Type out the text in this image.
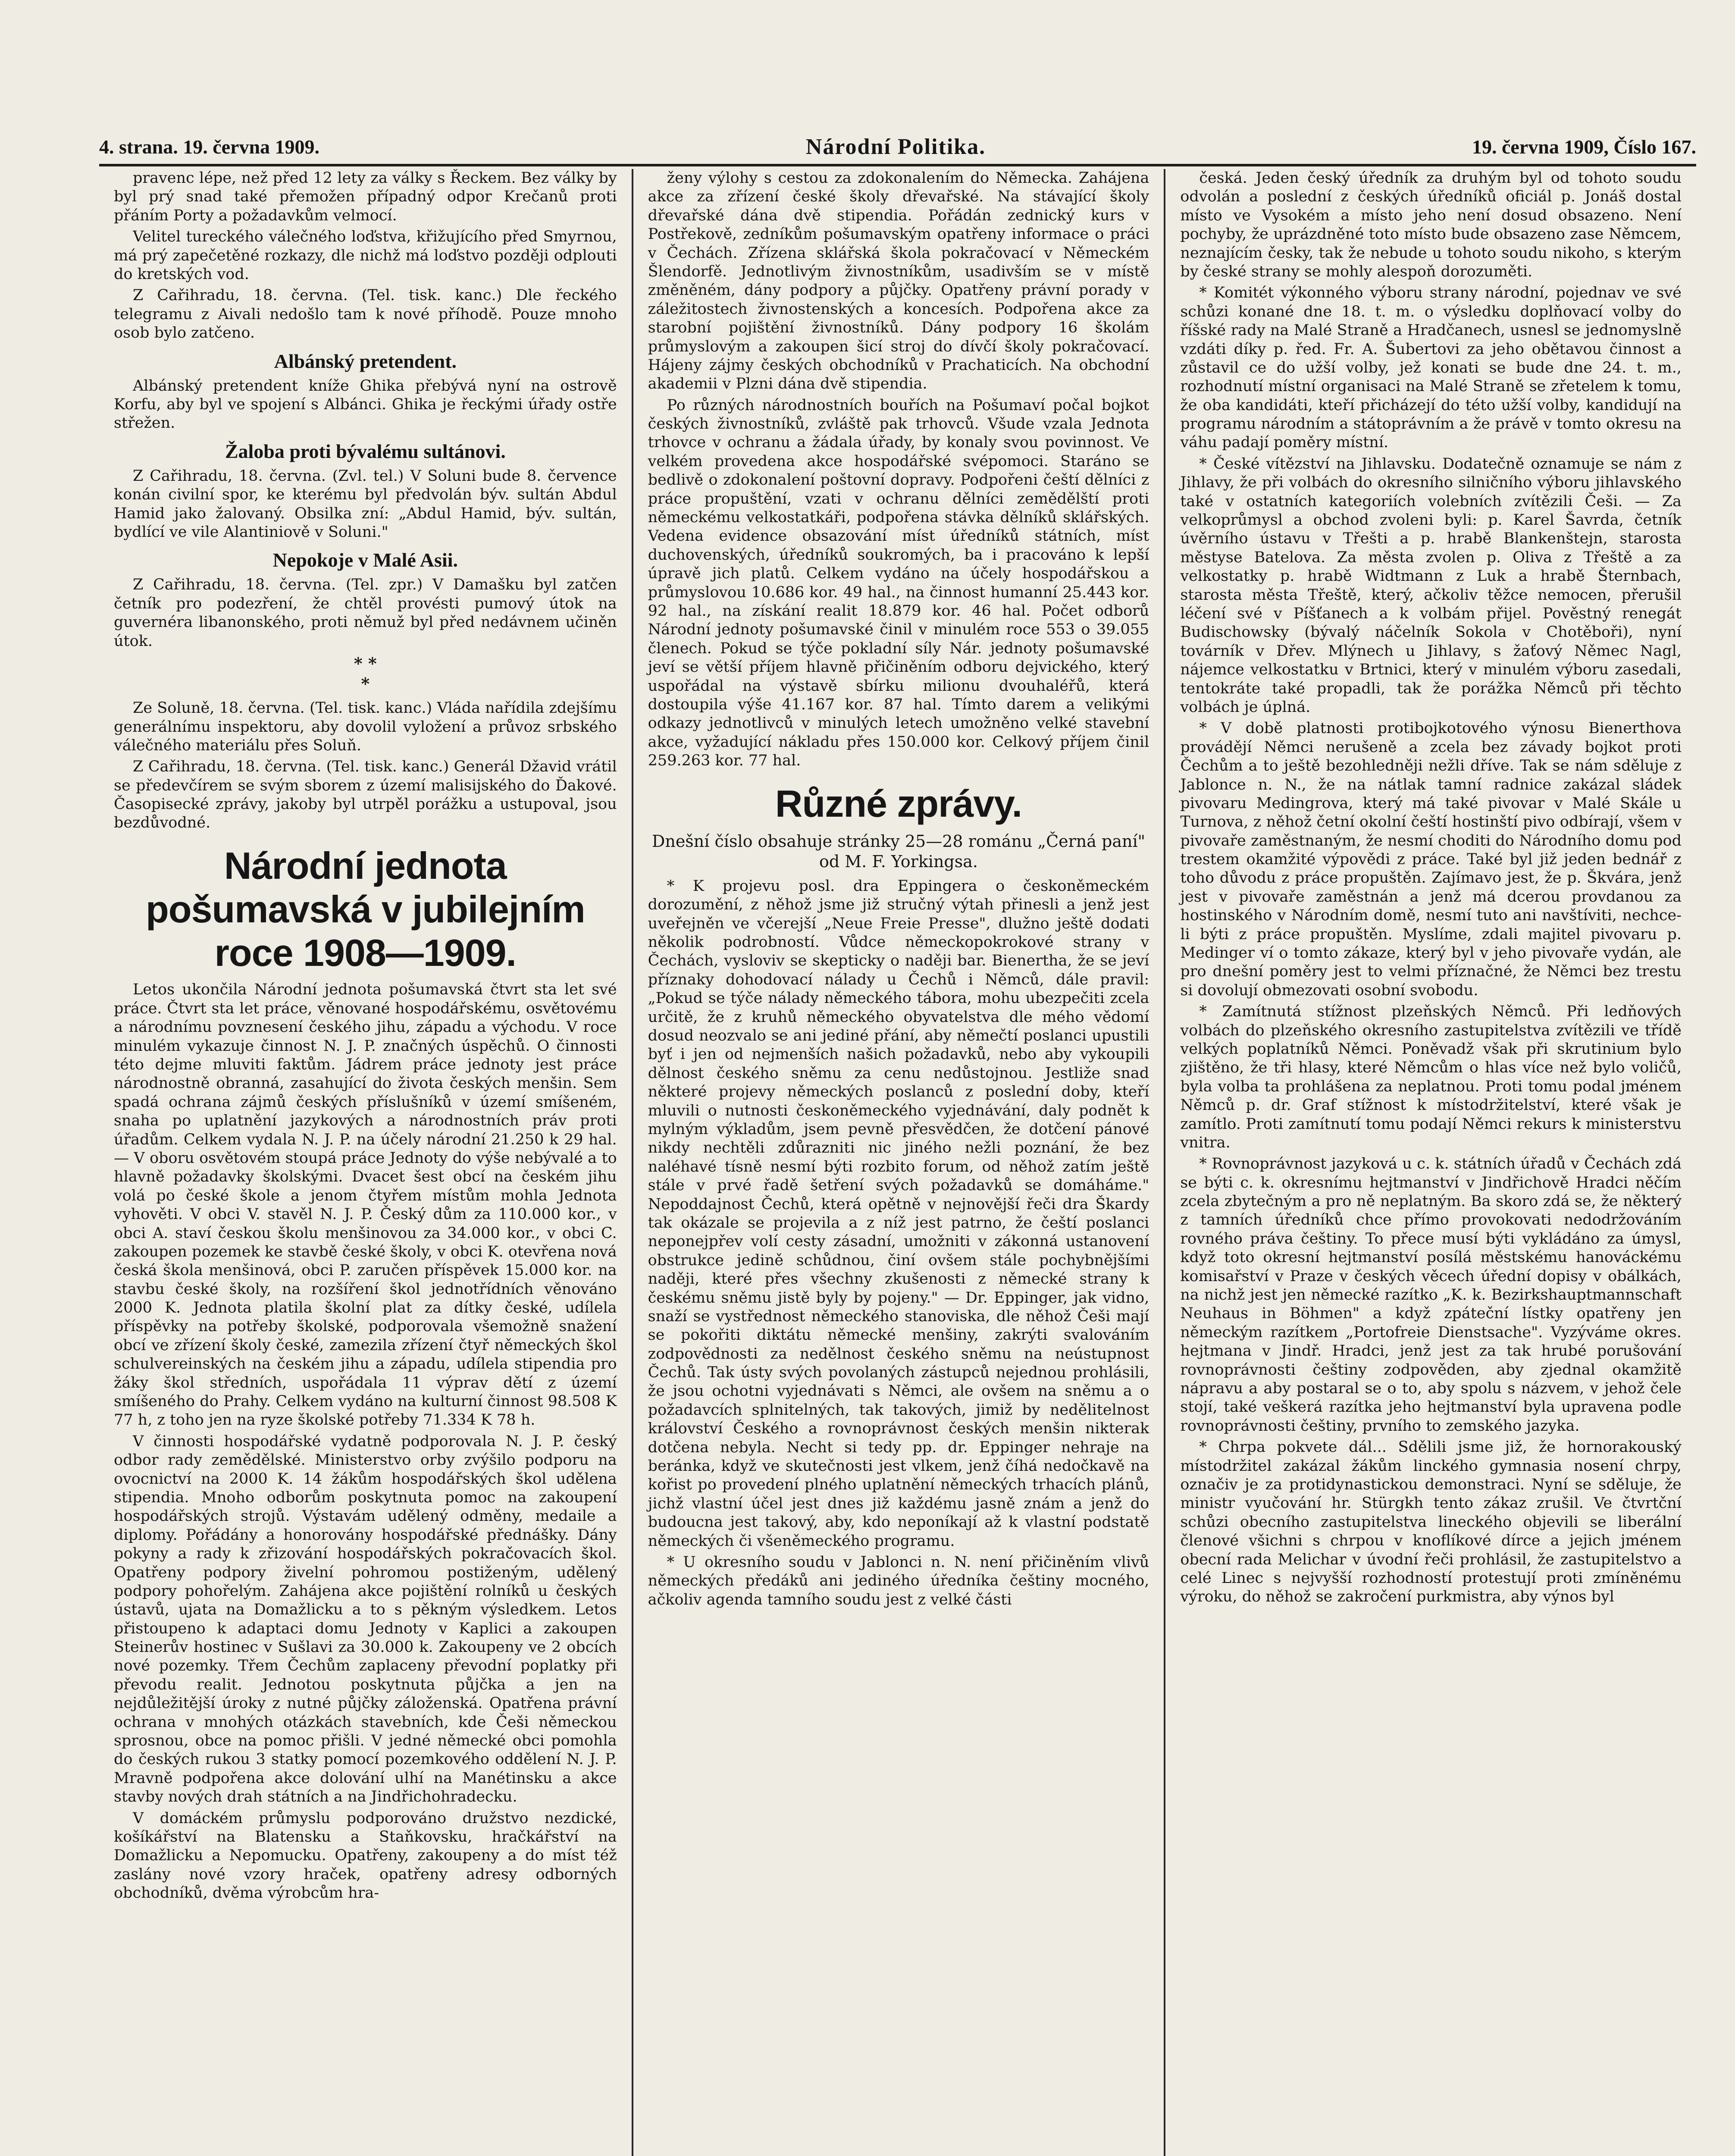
4. strana. 19. června 1909.	Národní Politika.	19. června 1909, Číslo 167.

pravenc lépe, než před 12 lety za války s Řeckem. Bez války by byl prý snad také přemožen případný odpor Krečanů proti přáním Porty a požadavkům velmocí.

Velitel tureckého válečného loďstva, křižujícího před Smyrnou, má prý zapečetěné rozkazy, dle nichž má loďstvo později odplouti do kretských vod.

Z Cařihradu, 18. června. (Tel. tisk. kanc.) Dle řeckého telegramu z Aivali nedošlo tam k nové příhodě. Pouze mnoho osob bylo zatčeno.

Albánský pretendent.

Albánský pretendent kníže Ghika přebývá nyní na ostrově Korfu, aby byl ve spojení s Albánci. Ghika je řeckými úřady ostře střežen.

Žaloba proti bývalému sultánovi.

Z Cařihradu, 18. června. (Zvl. tel.) V Soluni bude 8. července konán civilní spor, ke kterému byl předvolán býv. sultán Abdul Hamid jako žalovaný. Obsilka zní: „Abdul Hamid, býv. sultán, bydlící ve vile Alantiniově v Soluni."

Nepokoje v Malé Asii.

Z Cařihradu, 18. června. (Tel. zpr.) V Damašku byl zatčen četník pro podezření, že chtěl provésti pumový útok na guvernéra libanonského, proti němuž byl před nedávnem učiněn útok.

* *
*

Ze Soluně, 18. června. (Tel. tisk. kanc.) Vláda nařídila zdejšímu generálnímu inspektoru, aby dovolil vyložení a průvoz srbského válečného materiálu přes Soluň.

Z Cařihradu, 18. června. (Tel. tisk. kanc.) Generál Džavid vrátil se předevčírem se svým sborem z území malisijského do Ďakové. Časopisecké zprávy, jakoby byl utrpěl porážku a ustupoval, jsou bezdůvodné.

Národní jednota pošumavská v jubilejním roce 1908—1909.

Letos ukončila Národní jednota pošumavská čtvrt sta let své práce. Čtvrt sta let práce, věnované hospodářskému, osvětovému a národnímu povznesení českého jihu, západu a východu. V roce minulém vykazuje činnost N. J. P. značných úspěchů. O činnosti této dejme mluviti faktům. Jádrem práce jednoty jest práce národnostně obranná, zasahující do života českých menšin. Sem spadá ochrana zájmů českých příslušníků v území smíšeném, snaha po uplatnění jazykových a národnostních práv proti úřadům. Celkem vydala N. J. P. na účely národní 21.250 k 29 hal. — V oboru osvětovém stoupá práce Jednoty do výše nebývalé a to hlavně požadavky školskými. Dvacet šest obcí na českém jihu volá po české škole a jenom čtyřem místům mohla Jednota vyhověti. V obci V. stavěl N. J. P. Český dům za 110.000 kor., v obci A. staví českou školu menšinovou za 34.000 kor., v obci C. zakoupen pozemek ke stavbě české školy, v obci K. otevřena nová česká škola menšinová, obci P. zaručen příspěvek 15.000 kor. na stavbu české školy, na rozšíření škol jednotřídních věnováno 2000 K. Jednota platila školní plat za dítky české, udílela příspěvky na potřeby školské, podporovala všemožně snažení obcí ve zřízení školy české, zamezila zřízení čtyř německých škol schulvereinských na českém jihu a západu, udílela stipendia pro žáky škol středních, uspořádala 11 výprav dětí z území smíšeného do Prahy. Celkem vydáno na kulturní činnost 98.508 K 77 h, z toho jen na ryze školské potřeby 71.334 K 78 h.

V činnosti hospodářské vydatně podporovala N. J. P. český odbor rady zemědělské. Ministerstvo orby zvýšilo podporu na ovocnictví na 2000 K. 14 žákům hospodářských škol udělena stipendia. Mnoho odborům poskytnuta pomoc na zakoupení hospodářských strojů. Výstavám udělený odměny, medaile a diplomy. Pořádány a honorovány hospodářské přednášky. Dány pokyny a rady k zřizování hospodářských pokračovacích škol. Opatřeny podpory živelní pohromou postiženým, udělený podpory pohořelým. Zahájena akce pojištění rolníků u českých ústavů, ujata na Domažlicku a to s pěkným výsledkem. Letos přistoupeno k adaptaci domu Jednoty v Kaplici a zakoupen Steinerův hostinec v Sušlavi za 30.000 k. Zakoupeny ve 2 obcích nové pozemky. Třem Čechům zaplaceny převodní poplatky při převodu realit. Jednotou poskytnuta půjčka a jen na nejdůležitější úroky z nutné půjčky záloženská. Opatřena právní ochrana v mnohých otázkách stavebních, kde Češi německou sprosnou, obce na pomoc přišli. V jedné německé obci pomohla do českých rukou 3 statky pomocí pozemkového oddělení N. J. P. Mravně podpořena akce dolování ulhí na Manétinsku a akce stavby nových drah státních a na Jindřichohradecku.

V domáckém průmyslu podporováno družstvo nezdické, košíkářství na Blatensku a Staňkovsku, hračkářství na Domažlicku a Nepomucku. Opatřeny, zakoupeny a do míst též zaslány nové vzory hraček, opatřeny adresy odborných obchodníků, dvěma výrobcům hra-

ženy výlohy s cestou za zdokonalením do Německa. Zahájena akce za zřízení české školy dřevařské. Na stávající školy dřevařské dána dvě stipendia. Pořádán zednický kurs v Postřekově, zedníkům pošumavským opatřeny informace o práci v Čechách. Zřízena sklářská škola pokračovací v Německém Šlendorfě. Jednotlivým živnostníkům, usadivším se v místě změněném, dány podpory a půjčky. Opatřeny právní porady v záležitostech živnostenských a koncesích. Podpořena akce za starobní pojištění živnostníků. Dány podpory 16 školám průmyslovým a zakoupen šicí stroj do dívčí školy pokračovací. Hájeny zájmy českých obchodníků v Prachaticích. Na obchodní akademii v Plzni dána dvě stipendia.

Po různých národnostních bouřích na Pošumaví počal bojkot českých živnostníků, zvláště pak trhovců. Všude vzala Jednota trhovce v ochranu a žádala úřady, by konaly svou povinnost. Ve velkém provedena akce hospodářské svépomoci. Staráno se bedlivě o zdokonalení poštovní dopravy. Podpořeni čeští dělníci z práce propuštění, vzati v ochranu dělníci zemědělští proti německému velkostatkáři, podpořena stávka dělníků sklářských. Vedena evidence obsazování míst úředníků státních, míst duchovenských, úředníků soukromých, ba i pracováno k lepší úpravě jich platů. Celkem vydáno na účely hospodářskou a průmyslovou 10.686 kor. 49 hal., na činnost humanní 25.443 kor. 92 hal., na získání realit 18.879 kor. 46 hal. Počet odborů Národní jednoty pošumavské činil v minulém roce 553 o 39.055 členech. Pokud se týče pokladní síly Nár. jednoty pošumavské jeví se větší příjem hlavně přičiněním odboru dejvického, který uspořádal na výstavě sbírku milionu dvouhaléřů, která dostoupila výše 41.167 kor. 87 hal. Tímto darem a velikými odkazy jednotlivců v minulých letech umožněno velké stavební akce, vyžadující nákladu přes 150.000 kor. Celkový příjem činil 259.263 kor. 77 hal.

Různé zprávy.

Dnešní číslo obsahuje stránky 25—28 románu „Černá paní" od M. F. Yorkingsa.

* K projevu posl. dra Eppingera o českoněmeckém dorozumění, z něhož jsme již stručný výtah přinesli a jenž jest uveřejněn ve včerejší „Neue Freie Presse", dlužno ještě dodati několik podrobností. Vůdce německopokrokové strany v Čechách, vysloviv se skepticky o naději bar. Bienertha, že se jeví příznaky dohodovací nálady u Čechů i Němců, dále pravil: „Pokud se týče nálady německého tábora, mohu ubezpečiti zcela určitě, že z kruhů německého obyvatelstva dle mého vědomí dosud neozvalo se ani jediné přání, aby němečtí poslanci upustili byť i jen od nejmenších našich požadavků, nebo aby vykoupili dělnost českého sněmu za cenu nedůstojnou. Jestliže snad některé projevy německých poslanců z poslední doby, kteří mluvili o nutnosti českoněmeckého vyjednávání, daly podnět k mylným výkladům, jsem pevně přesvědčen, že dotčení pánové nikdy nechtěli zdůrazniti nic jiného nežli poznání, že bez naléhavé tísně nesmí býti rozbito forum, od něhož zatím ještě stále v prvé řadě šetření svých požadavků se domáháme." Nepoddajnost Čechů, která opětně v nejnovější řeči dra Škardy tak okázale se projevila a z níž jest patrno, že čeští poslanci neponejpřev volí cesty zásadní, umožniti v zákonná ustanovení obstrukce jedině schůdnou, činí ovšem stále pochybnějšími naději, které přes všechny zkušenosti z německé strany k českému sněmu jistě byly by pojeny." — Dr. Eppinger, jak vidno, snaží se vystřednost německého stanoviska, dle něhož Češi mají se pokořiti diktátu německé menšiny, zakrýti svalováním zodpovědnosti za nedělnost českého sněmu na neústupnost Čechů. Tak ústy svých povolaných zástupců nejednou prohlásili, že jsou ochotni vyjednávati s Němci, ale ovšem na sněmu a o požadavcích splnitelných, tak takových, jimiž by nedělitelnost království Českého a rovnoprávnost českých menšin nikterak dotčena nebyla. Necht si tedy pp. dr. Eppinger nehraje na beránka, když ve skutečnosti jest vlkem, jenž číhá nedočkavě na kořist po provedení plného uplatnění německých trhacích plánů, jichž vlastní účel jest dnes již každému jasně znám a jenž do budoucna jest takový, aby, kdo neponíkají až k vlastní podstatě německých či všeněmeckého programu.

* U okresního soudu v Jablonci n. N. není přičiněním vlivů německých předáků ani jediného úředníka češtiny mocného, ačkoliv agenda tamního soudu jest z velké části

česká. Jeden český úředník za druhým byl od tohoto soudu odvolán a poslední z českých úředníků oficiál p. Jonáš dostal místo ve Vysokém a místo jeho není dosud obsazeno. Není pochyby, že uprázdněné toto místo bude obsazeno zase Němcem, neznajícím česky, tak že nebude u tohoto soudu nikoho, s kterým by české strany se mohly alespoň dorozuměti.

* Komitét výkonného výboru strany národní, pojednav ve své schůzi konané dne 18. t. m. o výsledku doplňovací volby do říšské rady na Malé Straně a Hradčanech, usnesl se jednomyslně vzdáti díky p. řed. Fr. A. Šubertovi za jeho obětavou činnost a zůstavil ce do užší volby, jež konati se bude dne 24. t. m., rozhodnutí místní organisaci na Malé Straně se zřetelem k tomu, že oba kandidáti, kteří přicházejí do této užší volby, kandidují na programu národním a státoprávním a že právě v tomto okresu na váhu padají poměry místní.

* České vítězství na Jihlavsku. Dodatečně oznamuje se nám z Jihlavy, že při volbách do okresního silničního výboru jihlavského také v ostatních kategoriích volebních zvítězili Češi. — Za velkoprůmysl a obchod zvoleni byli: p. Karel Šavrda, četník úvěrního ústavu v Třešti a p. hrabě Blankenštejn, starosta městyse Batelova. Za města zvolen p. Oliva z Třeště a za velkostatky p. hrabě Widtmann z Luk a hrabě Šternbach, starosta města Třeště, který, ačkoliv těžce nemocen, přerušil léčení své v Píšťanech a k volbám přijel. Pověstný renegát Budischowsky (bývalý náčelník Sokola v Chotěboři), nyní továrník v Dřev. Mlýnech u Jihlavy, s žaťový Němec Nagl, nájemce velkostatku v Brtnici, který v minulém výboru zasedali, tentokráte také propadli, tak že porážka Němců při těchto volbách je úplná.

* V době platnosti protibojkotového výnosu Bienerthova provádějí Němci nerušeně a zcela bez závady bojkot proti Čechům a to ještě bezohledněji nežli dříve. Tak se nám sděluje z Jablonce n. N., že na nátlak tamní radnice zakázal sládek pivovaru Medingrova, který má také pivovar v Malé Skále u Turnova, z něhož četní okolní čeští hostinští pivo odbírají, všem v pivovaře zaměstnaným, že nesmí choditi do Národního domu pod trestem okamžité výpovědi z práce. Také byl již jeden bednář z toho důvodu z práce propuštěn. Zajímavo jest, že p. Škvára, jenž jest v pivovaře zaměstnán a jenž má dcerou provdanou za hostinského v Národním domě, nesmí tuto ani navštíviti, nechce-li býti z práce propuštěn. Myslíme, zdali majitel pivovaru p. Medinger ví o tomto zákaze, který byl v jeho pivovaře vydán, ale pro dnešní poměry jest to velmi příznačné, že Němci bez trestu si dovolují obmezovati osobní svobodu.

* Zamítnutá stížnost plzeňských Němců. Při ledňových volbách do plzeňského okresního zastupitelstva zvítězili ve třídě velkých poplatníků Němci. Poněvadž však při skrutinium bylo zjištěno, že tři hlasy, které Němcům o hlas více než bylo voličů, byla volba ta prohlášena za neplatnou. Proti tomu podal jménem Němců p. dr. Graf stížnost k místodržitelství, které však je zamítlo. Proti zamítnutí tomu podají Němci rekurs k ministerstvu vnitra.

* Rovnoprávnost jazyková u c. k. státních úřadů v Čechách zdá se býti c. k. okresnímu hejtmanství v Jindřichově Hradci něčím zcela zbytečným a pro ně neplatným. Ba skoro zdá se, že některý z tamních úředníků chce přímo provokovati nedodržováním rovného práva češtiny. To přece musí býti vykládáno za úmysl, když toto okresní hejtmanství posílá městskému hanováckému komisařství v Praze v českých věcech úřední dopisy v obálkách, na nichž jest jen německé razítko „K. k. Bezirkshauptmannschaft Neuhaus in Böhmen" a když zpáteční lístky opatřeny jen německým razítkem „Portofreie Dienstsache". Vyzýváme okres. hejtmana v Jindř. Hradci, jenž jest za tak hrubé porušování rovnoprávnosti češtiny zodpověden, aby zjednal okamžitě nápravu a aby postaral se o to, aby spolu s názvem, v jehož čele stojí, také veškerá razítka jeho hejtmanství byla upravena podle rovnoprávnosti češtiny, prvního to zemského jazyka.

* Chrpa pokvete dál... Sdělili jsme již, že hornorakouský místodržitel zakázal žákům linckého gymnasia nosení chrpy, označiv je za protidynastickou demonstraci. Nyní se sděluje, že ministr vyučování hr. Stürgkh tento zákaz zrušil. Ve čtvrtční schůzi obecního zastupitelstva lineckého objevili se liberální členové všichni s chrpou v knoflíkové dírce a jejich jménem obecní rada Melichar v úvodní řeči prohlásil, že zastupitelstvo a celé Linec s nejvyšší rozhodností protestují proti zmíněnému výroku, do něhož se zakročení purkmistra, aby výnos byl
